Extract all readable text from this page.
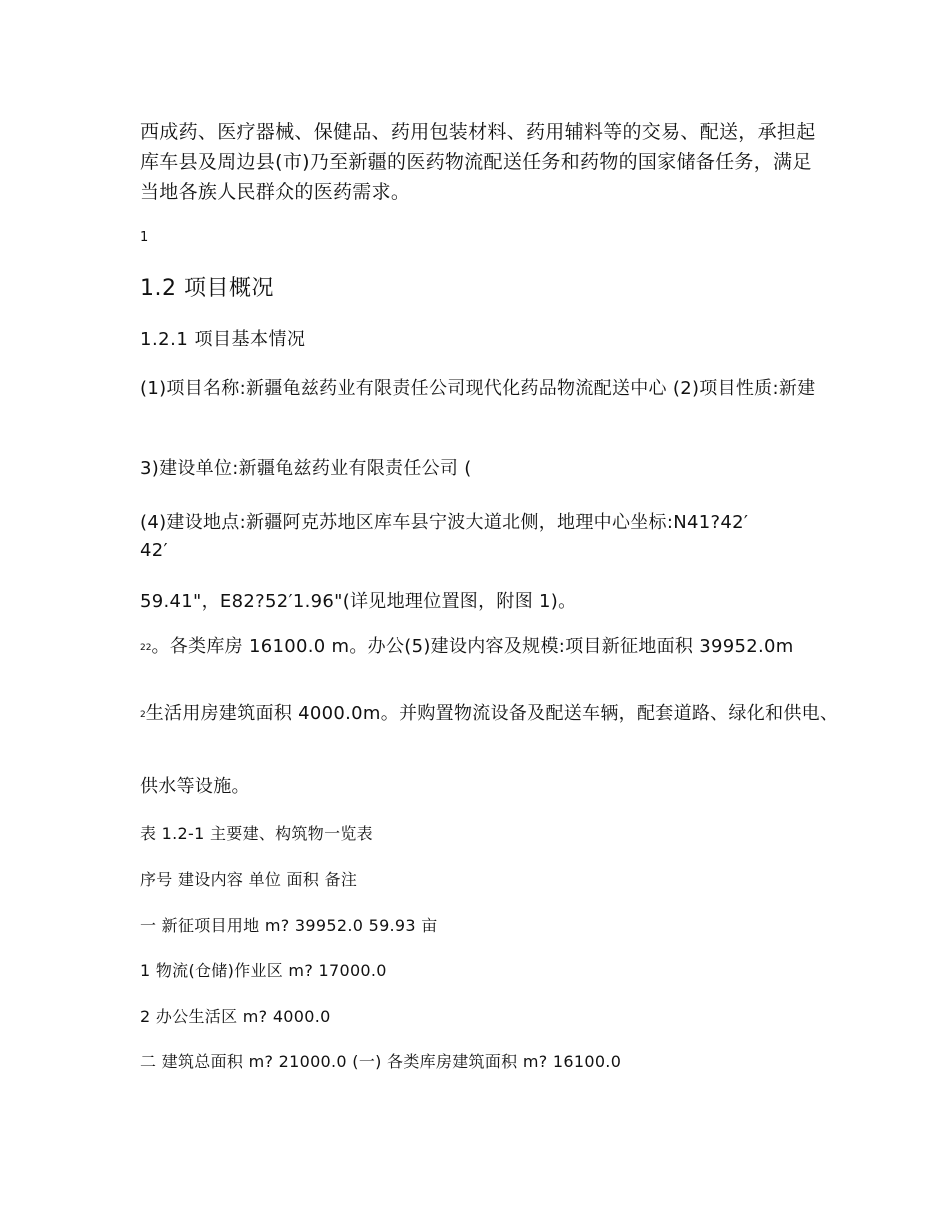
西成药、医疗器械、保健品、药用包装材料、药用辅料等的交易、配送，承担起库车县及周边县(市)乃至新疆的医药物流配送任务和药物的国家储备任务，满足当地各族人民群众的医药需求。

1

1.2 项目概况

1.2.1 项目基本情况

(1)项目名称:新疆龟兹药业有限责任公司现代化药品物流配送中心 (2)项目性质:新建

3)建设单位:新疆龟兹药业有限责任公司 (

(4)建设地点:新疆阿克苏地区库车县宁波大道北侧，地理中心坐标:N41?42′

42′

59.41"，E82?52′1.96"(详见地理位置图，附图 1)。

$^{22}$。各类库房 16100.0 m。办公(5)建设内容及规模:项目新征地面积 39952.0m

$^2$生活用房建筑面积 4000.0m。并购置物流设备及配送车辆，配套道路、绿化和供电、

供水等设施。

表 1.2-1 主要建、构筑物一览表

序号 建设内容 单位 面积 备注

一 新征项目用地 m? 39952.0 59.93 亩

1 物流(仓储)作业区 m? 17000.0

2 办公生活区 m? 4000.0

二 建筑总面积 m? 21000.0 (一) 各类库房建筑面积 m? 16100.0
